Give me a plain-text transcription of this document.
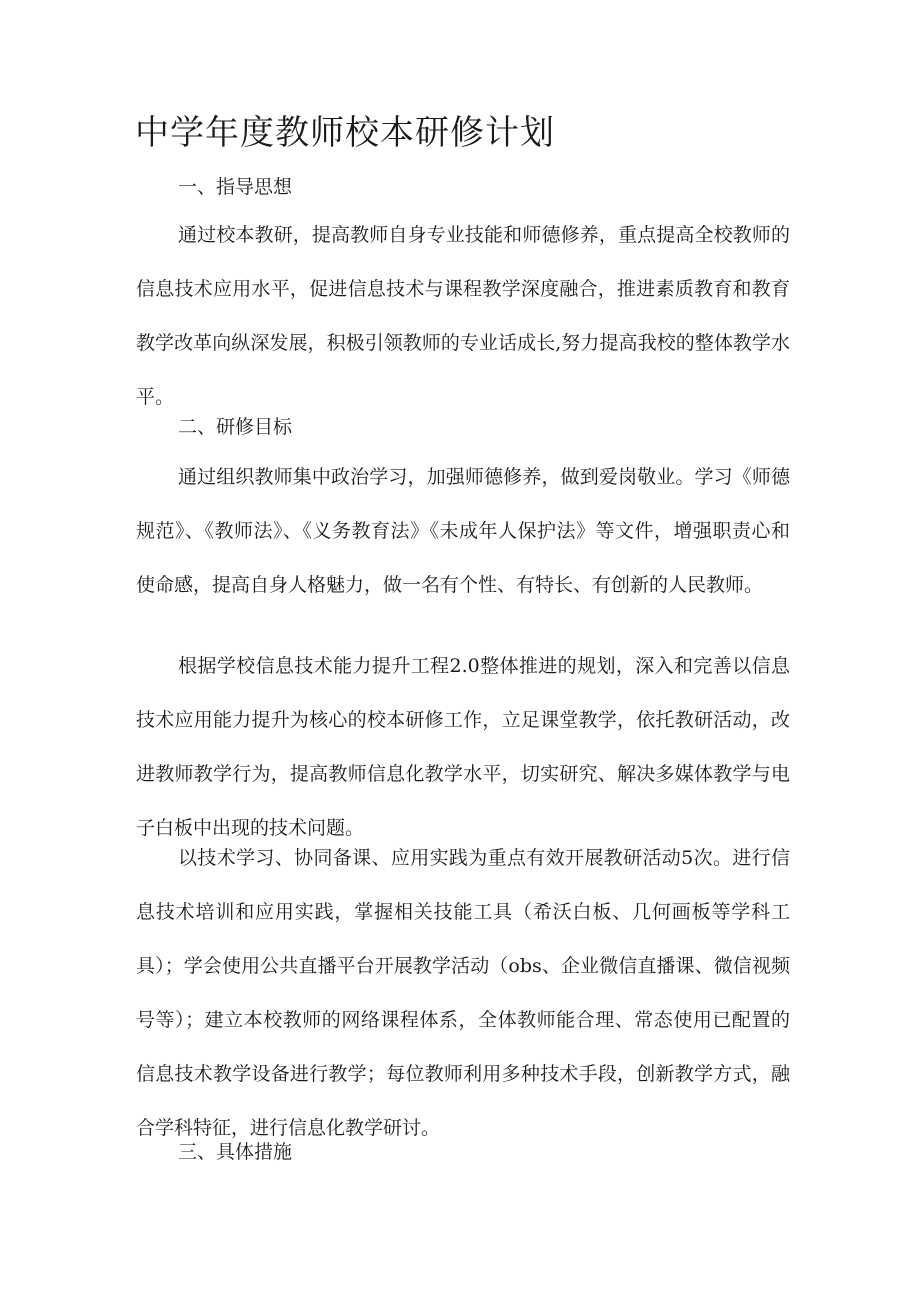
中学年度教师校本研修计划
一、指导思想

通过校本教研，提高教师自身专业技能和师德修养，重点提高全校教师的信息技术应用水平，促进信息技术与课程教学深度融合，推进素质教育和教育教学改革向纵深发展，积极引领教师的专业话成长,努力提高我校的整体教学水平。

二、研修目标

通过组织教师集中政治学习，加强师德修养，做到爱岗敬业。学习《师德规范》、《教师法》、《义务教育法》《未成年人保护法》等文件，增强职责心和使命感，提高自身人格魅力，做一名有个性、有特长、有创新的人民教师。

根据学校信息技术能力提升工程2.0整体推进的规划，深入和完善以信息技术应用能力提升为核心的校本研修工作，立足课堂教学，依托教研活动，改进教师教学行为，提高教师信息化教学水平，切实研究、解决多媒体教学与电子白板中出现的技术问题。

以技术学习、协同备课、应用实践为重点有效开展教研活动5次。进行信息技术培训和应用实践，掌握相关技能工具（希沃白板、几何画板等学科工具）；学会使用公共直播平台开展教学活动（obs、企业微信直播课、微信视频号等）；建立本校教师的网络课程体系，全体教师能合理、常态使用已配置的信息技术教学设备进行教学；每位教师利用多种技术手段，创新教学方式，融合学科特征，进行信息化教学研讨。

三、具体措施
